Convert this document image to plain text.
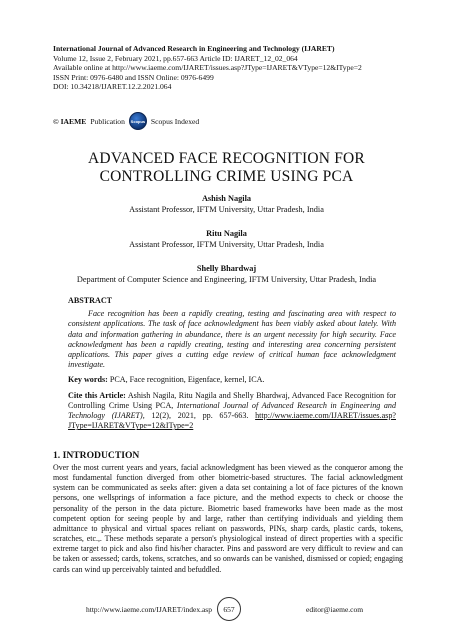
International Journal of Advanced Research in Engineering and Technology (IJARET)
Volume 12, Issue 2, February 2021, pp.657-663 Article ID: IJARET_12_02_064
Available online at http://www.iaeme.com/IJARET/issues.asp?JType=IJARET&VType=12&IType=2
ISSN Print: 0976-6480 and ISSN Online: 0976-6499
DOI: 10.34218/IJARET.12.2.2021.064
© IAEME Publication Scopus Scopus Indexed
ADVANCED FACE RECOGNITION FOR
CONTROLLING CRIME USING PCA
Ashish Nagila
Assistant Professor, IFTM University, Uttar Pradesh, India
Ritu Nagila
Assistant Professor, IFTM University, Uttar Pradesh, India
Shelly Bhardwaj
Department of Computer Science and Engineering, IFTM University, Uttar Pradesh, India
ABSTRACT
Face recognition has been a rapidly creating, testing and fascinating area with respect to consistent applications. The task of face acknowledgment has been viably asked about lately. With data and information gathering in abundance, there is an urgent necessity for high security. Face acknowledgment has been a rapidly creating, testing and interesting area concerning persistent applications. This paper gives a cutting edge review of critical human face acknowledgment investigate.
Key words: PCA, Face recognition, Eigenface, kernel, ICA.
Cite this Article: Ashish Nagila, Ritu Nagila and Shelly Bhardwaj, Advanced Face Recognition for Controlling Crime Using PCA, International Journal of Advanced Research in Engineering and Technology (IJARET), 12(2), 2021, pp. 657-663. http://www.iaeme.com/IJARET/issues.asp?JType=IJARET&VType=12&IType=2
1. INTRODUCTION
Over the most current years and years, facial acknowledgment has been viewed as the conqueror among the most fundamental function diverged from other biometric-based structures. The facial acknowledgment system can be communicated as seeks after: given a data set containing a lot of face pictures of the known persons, one wellsprings of information a face picture, and the method expects to check or choose the personality of the person in the data picture. Biometric based frameworks have been made as the most competent option for seeing people by and large, rather than certifying individuals and yielding them admittance to physical and virtual spaces reliant on passwords, PINs, sharp cards, plastic cards, tokens, scratches, etc.,. These methods separate a person's physiological instead of direct properties with a specific extreme target to pick and also find his/her character. Pins and password are very difficult to review and can be taken or assessed; cards, tokens, scratches, and so onwards can be vanished, dismissed or copied; engaging cards can wind up perceivably tainted and befuddled.
http://www.iaeme.com/IJARET/index.asp	657	editor@iaeme.com
